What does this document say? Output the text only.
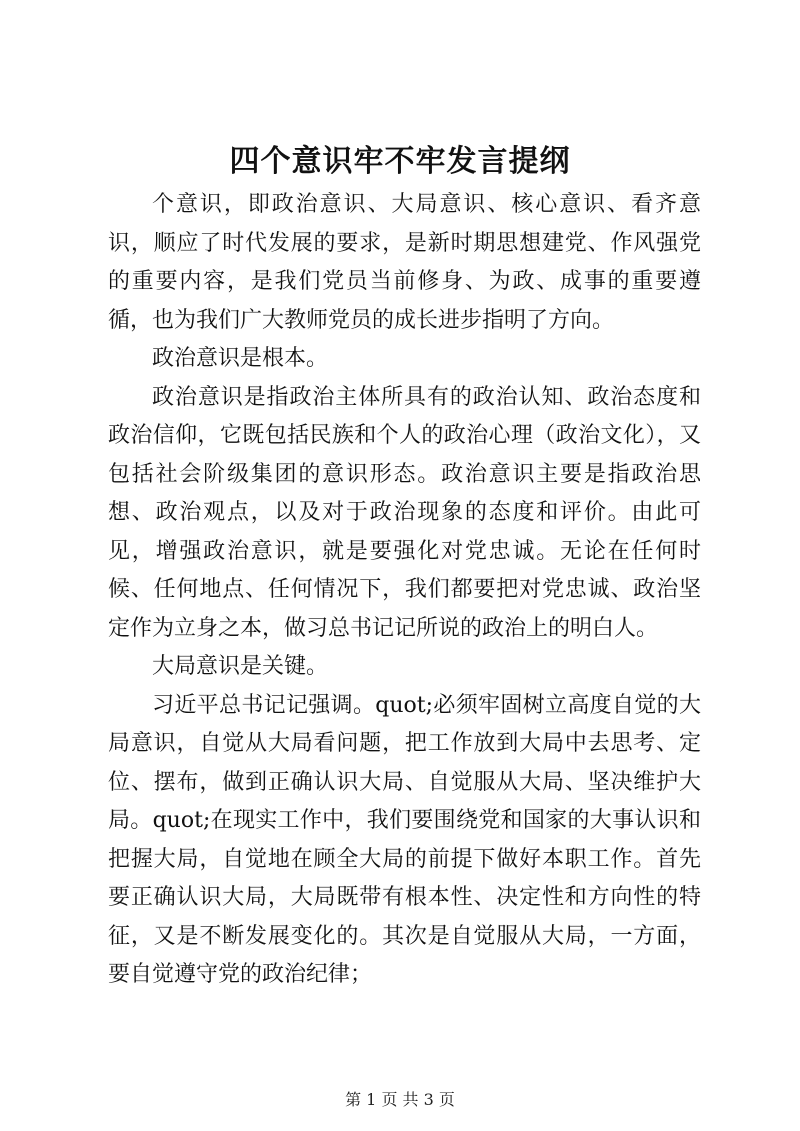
四个意识牢不牢发言提纲

个意识，即政治意识、大局意识、核心意识、看齐意识，顺应了时代发展的要求，是新时期思想建党、作风强党的重要内容，是我们党员当前修身、为政、成事的重要遵循，也为我们广大教师党员的成长进步指明了方向。

政治意识是根本。

政治意识是指政治主体所具有的政治认知、政治态度和政治信仰，它既包括民族和个人的政治心理（政治文化），又包括社会阶级集团的意识形态。政治意识主要是指政治思想、政治观点，以及对于政治现象的态度和评价。由此可见，增强政治意识，就是要强化对党忠诚。无论在任何时候、任何地点、任何情况下，我们都要把对党忠诚、政治坚定作为立身之本，做习总书记记所说的政治上的明白人。

大局意识是关键。

习近平总书记记强调。quot;必须牢固树立高度自觉的大局意识，自觉从大局看问题，把工作放到大局中去思考、定位、摆布，做到正确认识大局、自觉服从大局、坚决维护大局。quot;在现实工作中，我们要围绕党和国家的大事认识和把握大局，自觉地在顾全大局的前提下做好本职工作。首先要正确认识大局，大局既带有根本性、决定性和方向性的特征，又是不断发展变化的。其次是自觉服从大局，一方面，要自觉遵守党的政治纪律；

第 1 页 共 3 页
